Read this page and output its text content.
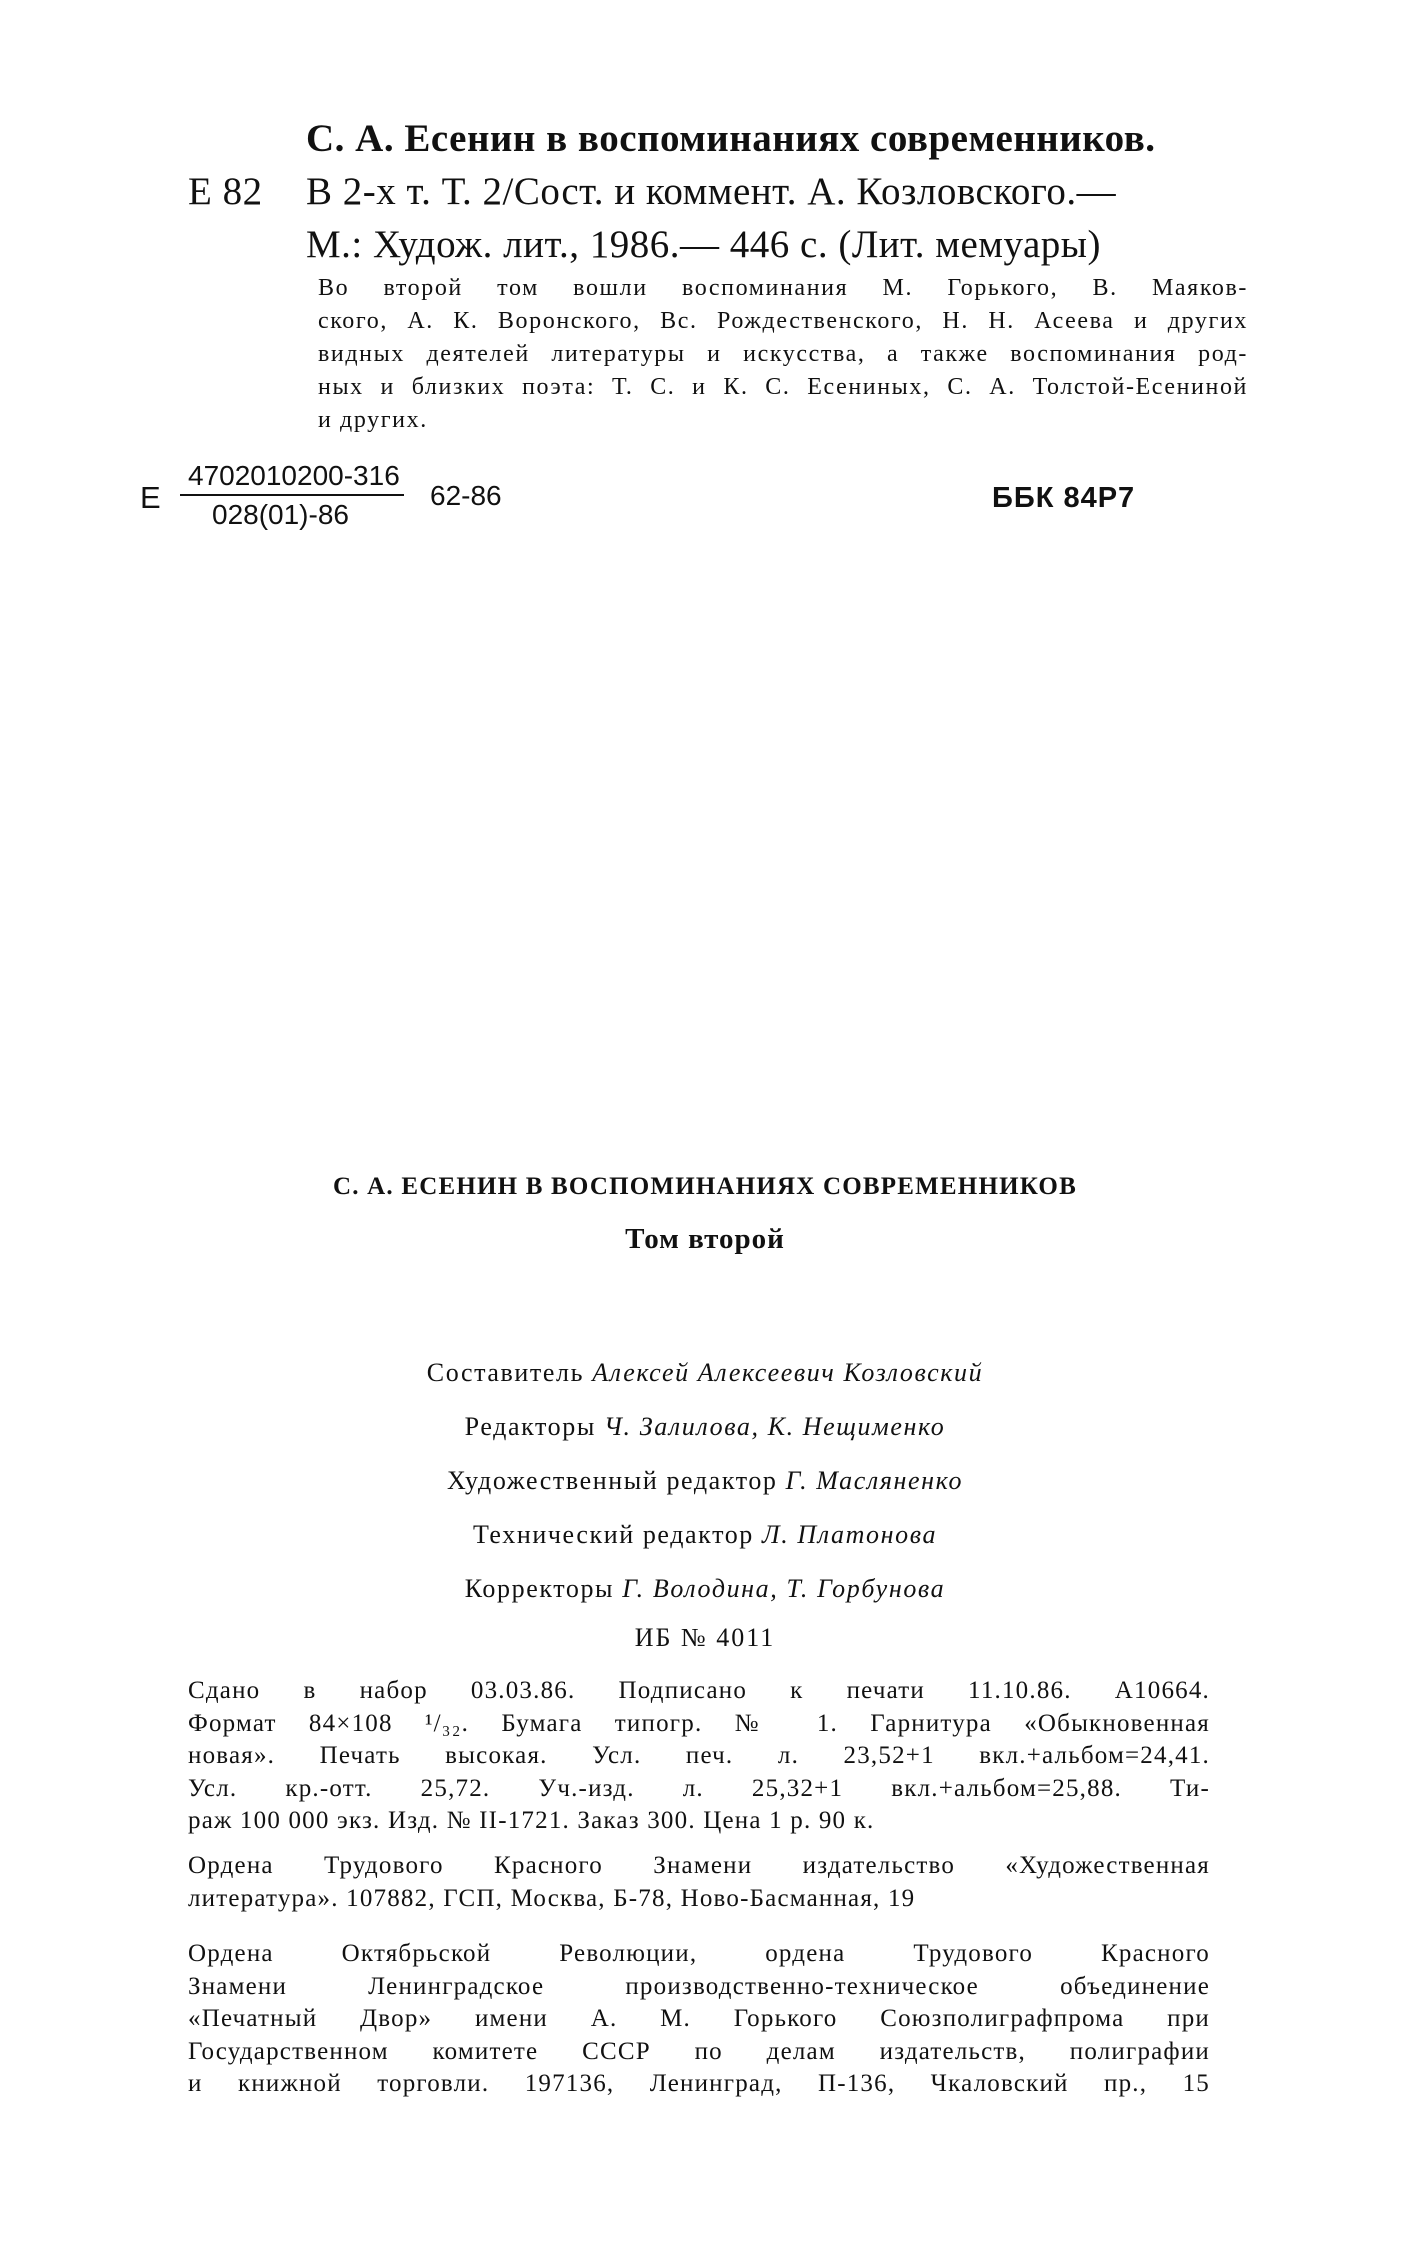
С. А. Есенин в воспоминаниях современников.
Е 82 В 2-х т. Т. 2/Сост. и коммент. А. Козловского.—
М.: Худож. лит., 1986.— 446 с. (Лит. мемуары)
Во второй том вошли воспоминания М. Горького, В. Маяков-
ского, А. К. Воронского, Вс. Рождественского, Н. Н. Асеева и других
видных деятелей литературы и искусства, а также воспоминания род-
ных и близких поэта: Т. С. и К. С. Есениных, С. А. Толстой-Есениной
и других.
Е $\frac{4702010200-316}{028(01)-86} 62-86$	ББК 84Р7
С. А. ЕСЕНИН В ВОСПОМИНАНИЯХ СОВРЕМЕННИКОВ
Том второй
Составитель Алексей Алексеевич Козловский
Редакторы Ч. Залилова, К. Нещименко
Художественный редактор Г. Масляненко
Технический редактор Л. Платонова
Корректоры Г. Володина, Т. Горбунова
ИБ № 4011
Сдано в набор 03.03.86. Подписано к печати 11.10.86. А10664.
Формат 84×108 ¹/₃₂. Бумага типогр. № 1. Гарнитура «Обыкновенная
новая». Печать высокая. Усл. печ. л. 23,52+1 вкл.+альбом=24,41.
Усл. кр.-отт. 25,72. Уч.-изд. л. 25,32+1 вкл.+альбом=25,88. Ти-
раж 100 000 экз. Изд. № II-1721. Заказ 300. Цена 1 р. 90 к.
Ордена Трудового Красного Знамени издательство «Художественная
литература». 107882, ГСП, Москва, Б-78, Ново-Басманная, 19
Ордена Октябрьской Революции, ордена Трудового Красного
Знамени Ленинградское производственно-техническое объединение
«Печатный Двор» имени А. М. Горького Союзполиграфпрома при
Государственном комитете СССР по делам издательств, полиграфии
и книжной торговли. 197136, Ленинград, П-136, Чкаловский пр., 15
